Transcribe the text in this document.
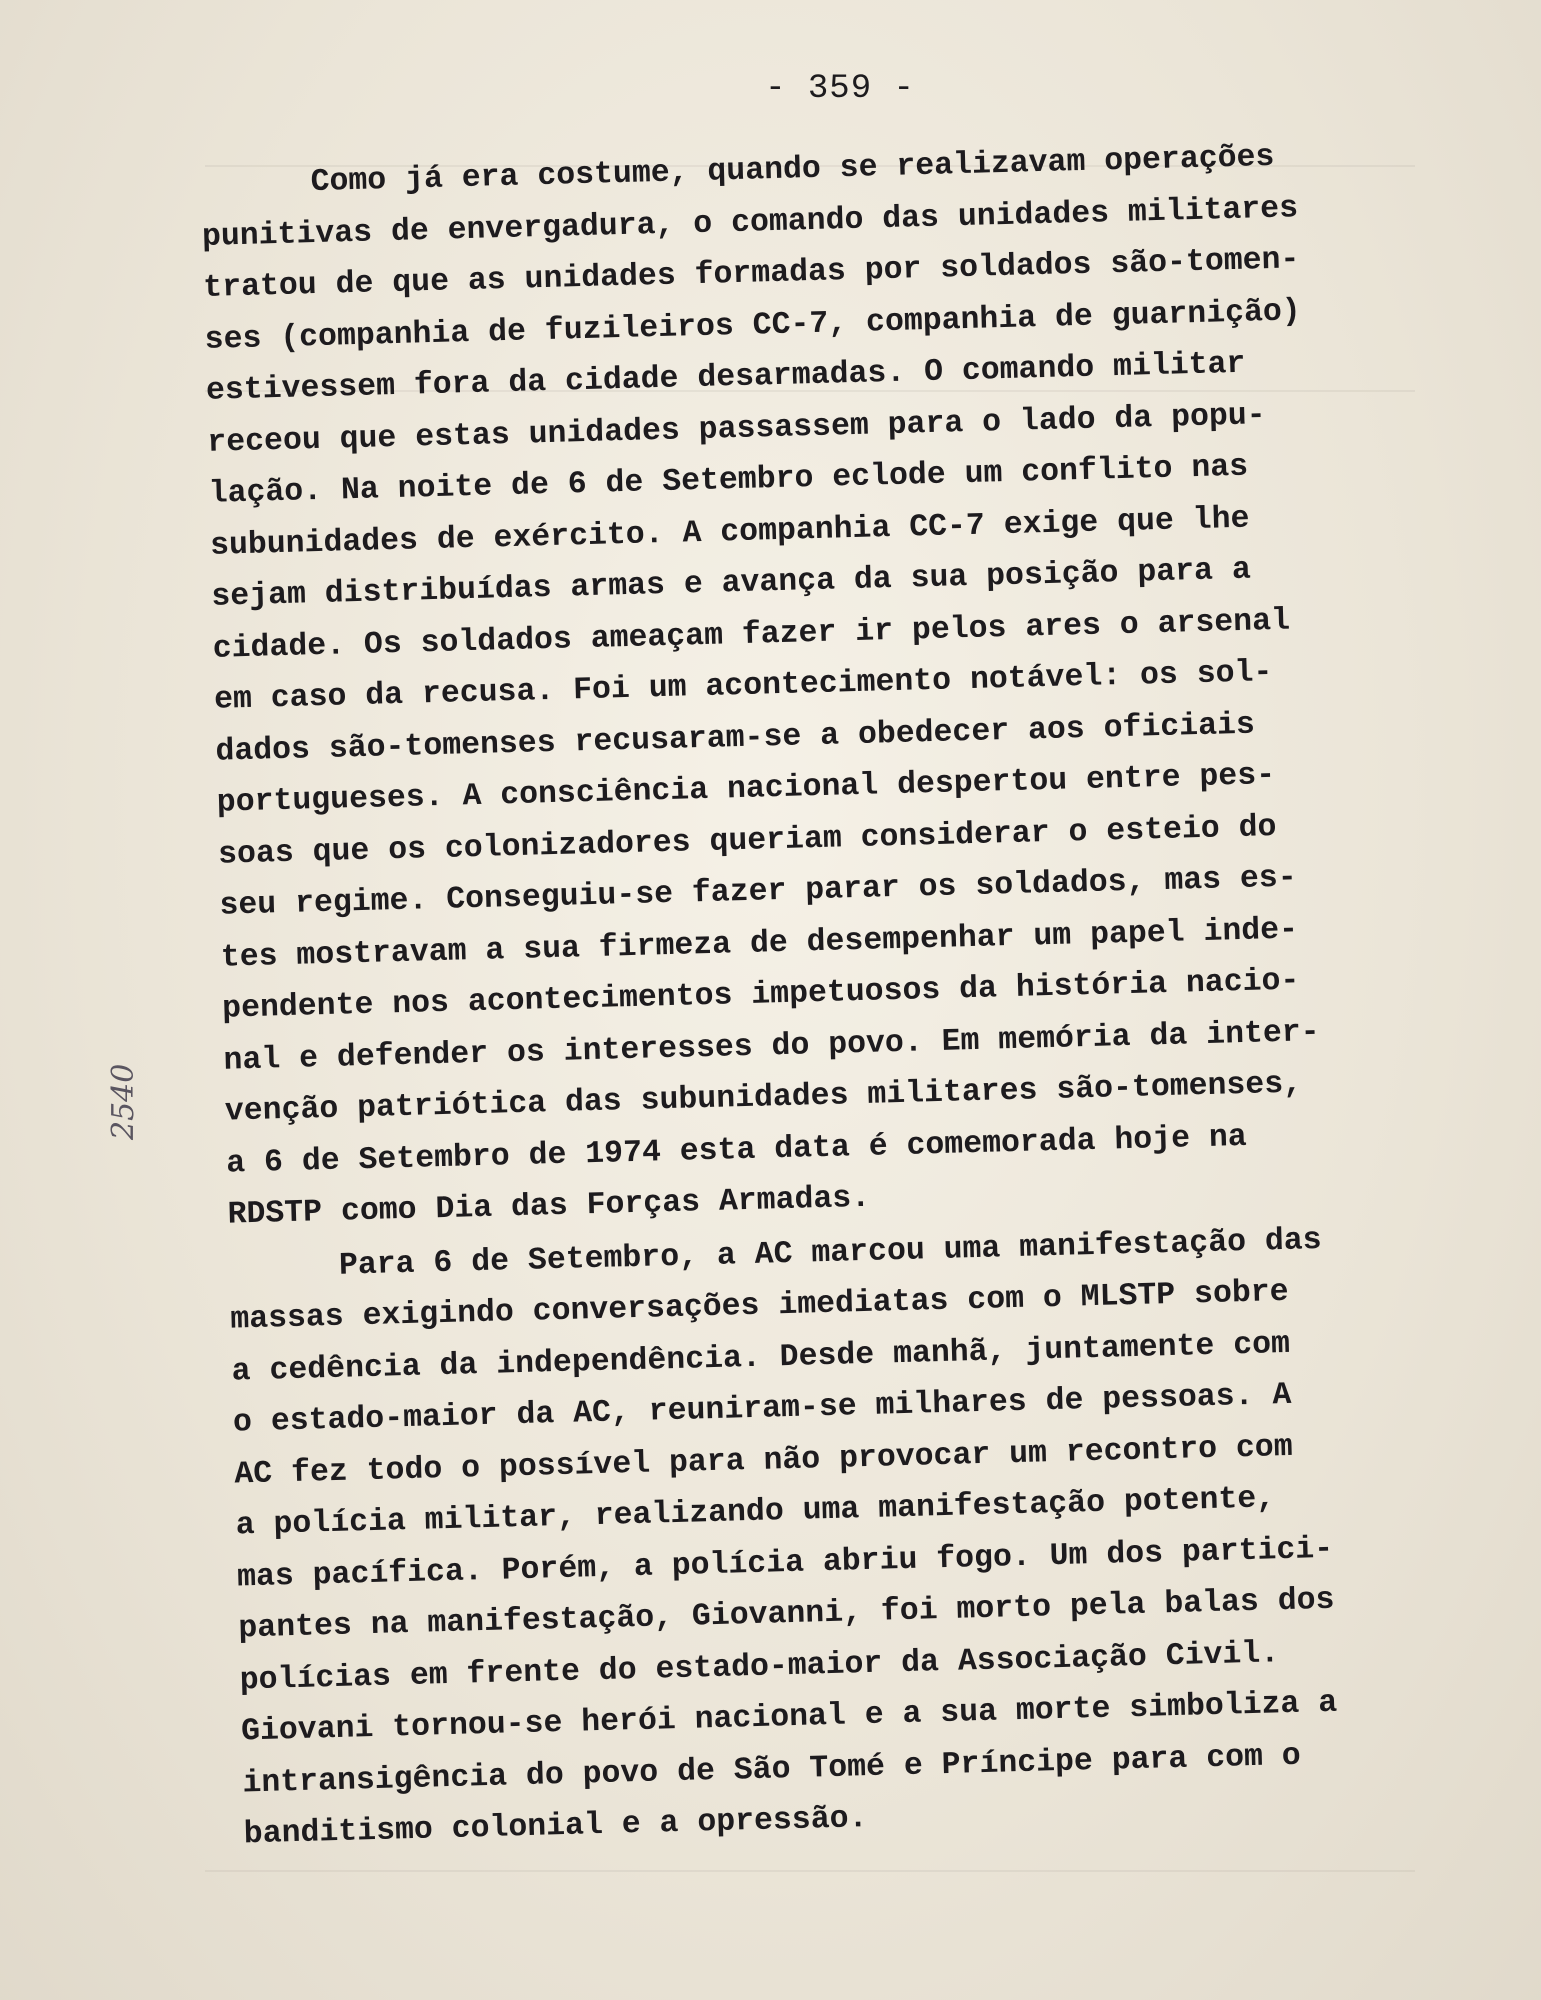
- 359 -
2540
Como já era costume, quando se realizavam operações
punitivas de envergadura, o comando das unidades militares
tratou de que as unidades formadas por soldados são-tomen-
ses (companhia de fuzileiros CC-7, companhia de guarnição)
estivessem fora da cidade desarmadas. O comando militar
receou que estas unidades passassem para o lado da popu-
lação. Na noite de 6 de Setembro eclode um conflito nas
subunidades de exército. A companhia CC-7 exige que lhe
sejam distribuídas armas e avança da sua posição para a
cidade. Os soldados ameaçam fazer ir pelos ares o arsenal
em caso da recusa. Foi um acontecimento notável: os sol-
dados são-tomenses recusaram-se a obedecer aos oficiais
portugueses. A consciência nacional despertou entre pes-
soas que os colonizadores queriam considerar o esteio do
seu regime. Conseguiu-se fazer parar os soldados, mas es-
tes mostravam a sua firmeza de desempenhar um papel inde-
pendente nos acontecimentos impetuosos da história nacio-
nal e defender os interesses do povo. Em memória da inter-
venção patriótica das subunidades militares são-tomenses,
a 6 de Setembro de 1974 esta data é comemorada hoje na
RDSTP como Dia das Forças Armadas.
Para 6 de Setembro, a AC marcou uma manifestação das
massas exigindo conversações imediatas com o MLSTP sobre
a cedência da independência. Desde manhã, juntamente com
o estado-maior da AC, reuniram-se milhares de pessoas. A
AC fez todo o possível para não provocar um recontro com
a polícia militar, realizando uma manifestação potente,
mas pacífica. Porém, a polícia abriu fogo. Um dos partici-
pantes na manifestação, Giovanni, foi morto pela balas dos
polícias em frente do estado-maior da Associação Civil.
Giovani tornou-se herói nacional e a sua morte simboliza a
intransigência do povo de São Tomé e Príncipe para com o
banditismo colonial e a opressão.
